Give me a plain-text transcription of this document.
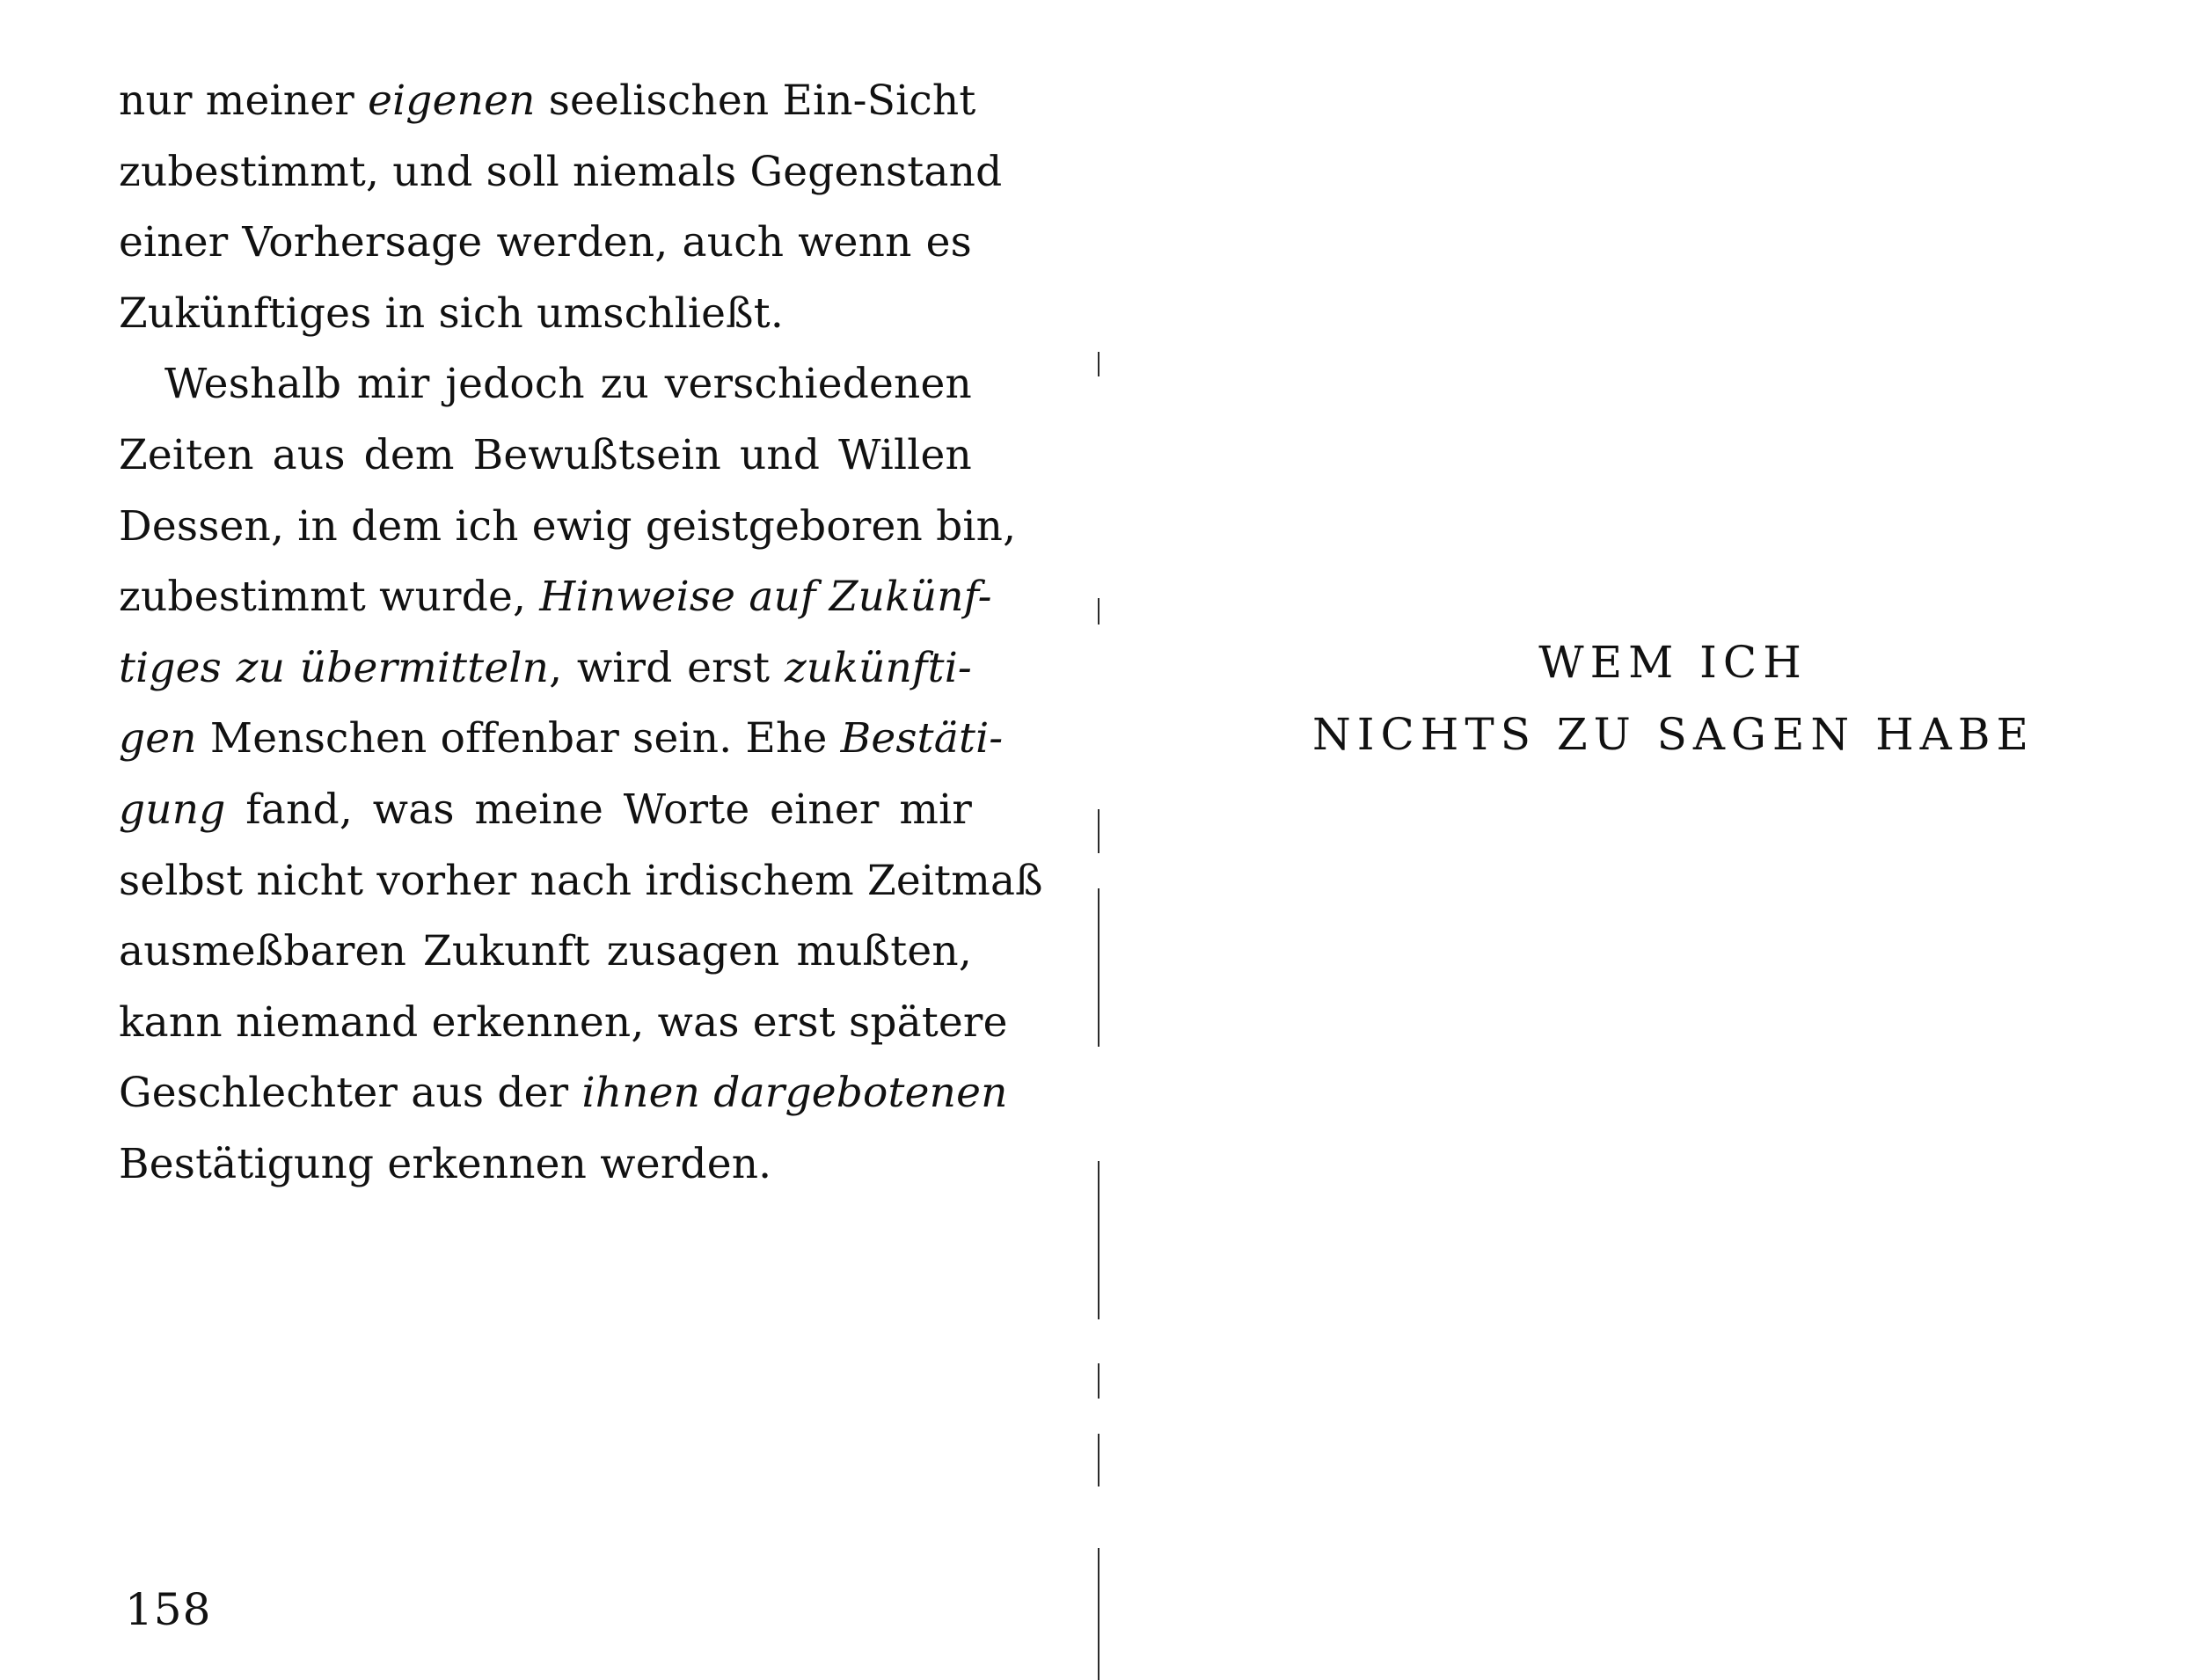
nur meiner eigenen seelischen Ein-Sicht
zubestimmt, und soll niemals Gegenstand
einer Vorhersage werden, auch wenn es
Zukünftiges in sich umschließt.
Weshalb mir jedoch zu verschiedenen
Zeiten aus dem Bewußtsein und Willen
Dessen, in dem ich ewig geistgeboren bin,
zubestimmt wurde, Hinweise auf Zukünf-
tiges zu übermitteln, wird erst zukünfti-
gen Menschen offenbar sein. Ehe Bestäti-
gung fand, was meine Worte einer mir
selbst nicht vorher nach irdischem Zeitmaß
ausmeßbaren Zukunft zusagen mußten,
kann niemand erkennen, was erst spätere
Geschlechter aus der ihnen dargebotenen
Bestätigung erkennen werden.
158
WEM ICH
NICHTS ZU SAGEN HABE
